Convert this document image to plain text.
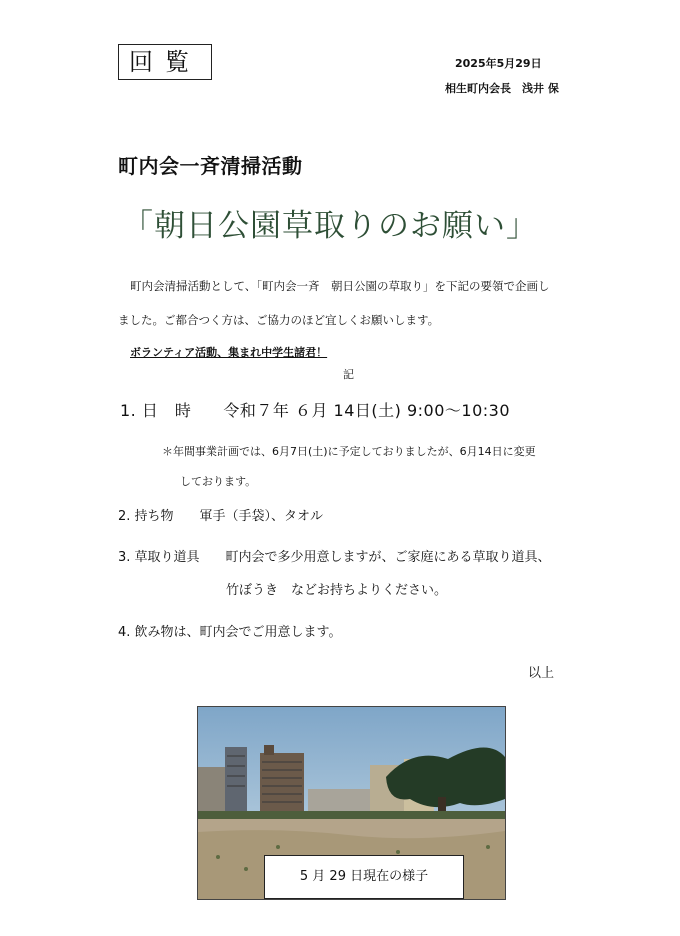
回覧	2025年5月29日
相生町内会長　浅井 保
町内会一斉清掃活動
「朝日公園草取りのお願い」
町内会清掃活動として、「町内会一斉　朝日公園の草取り」を下記の要領で企画し
ました。ご都合つく方は、ご協力のほど宜しくお願いします。
ボランティア活動、集まれ中学生諸君！
記
1. 日　時 令和７年 ６月 14日(土) 9:00〜10:30
＊年間事業計画では、6月7日(土)に予定しておりましたが、6月14日に変更
しております。
2. 持ち物 軍手（手袋）、タオル
3. 草取り道具 町内会で多少用意しますが、ご家庭にある草取り道具、
竹ぼうき　などお持ちよりください。
4. 飲み物は、町内会でご用意します。
以上
5 月 29 日現在の様子
